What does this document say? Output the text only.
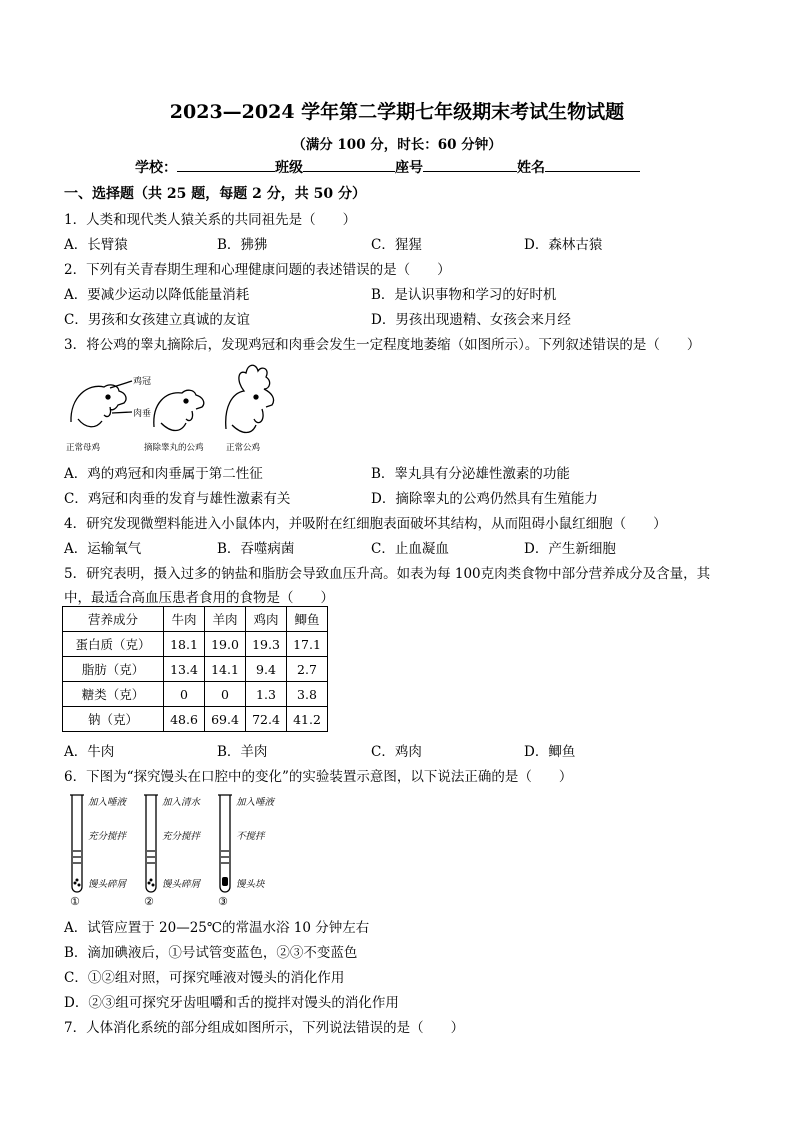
2023—2024 学年第二学期七年级期末考试生物试题
（满分 100 分，时长：60 分钟）
学校：	班级	座号	姓名
一、选择题（共 25 题，每题 2 分，共 50 分）
1．人类和现代类人猿关系的共同祖先是（　　）
A．长臂猿	B．狒狒	C．猩猩	D．森林古猿
2．下列有关青春期生理和心理健康问题的表述错误的是（　　）
A．要减少运动以降低能量消耗	B．是认识事物和学习的好时机
C．男孩和女孩建立真诚的友谊	D．男孩出现遗精、女孩会来月经
3．将公鸡的睾丸摘除后，发现鸡冠和肉垂会发生一定程度地萎缩（如图所示）。下列叙述错误的是（　　）
鸡冠
肉垂
正常母鸡	摘除睾丸的公鸡	正常公鸡
A．鸡的鸡冠和肉垂属于第二性征	B．睾丸具有分泌雄性激素的功能
C．鸡冠和肉垂的发育与雄性激素有关	D．摘除睾丸的公鸡仍然具有生殖能力
4．研究发现微塑料能进入小鼠体内，并吸附在红细胞表面破坏其结构，从而阻碍小鼠红细胞（　　）
A．运输氧气	B．吞噬病菌	C．止血凝血	D．产生新细胞
5．研究表明，摄入过多的钠盐和脂肪会导致血压升高。如表为每 100克肉类食物中部分营养成分及含量，其
中，最适合高血压患者食用的食物是（　　）
营养成分	牛肉	羊肉	鸡肉	鲫鱼
蛋白质（克）	18.1	19.0	19.3	17.1
脂肪（克）	13.4	14.1	9.4	2.7
糖类（克）	0	0	1.3	3.8
钠（克）	48.6	69.4	72.4	41.2
A．牛肉	B．羊肉	C．鸡肉	D．鲫鱼
6．下图为“探究馒头在口腔中的变化”的实验装置示意图，以下说法正确的是（　　）
加入唾液
充分搅拌
馒头碎屑
加入清水
充分搅拌
馒头碎屑
加入唾液
不搅拌
馒头块
①	②	③
A．试管应置于 20—25℃的常温水浴 10 分钟左右
B．滴加碘液后，①号试管变蓝色，②③不变蓝色
C．①②组对照，可探究唾液对馒头的消化作用
D．②③组可探究牙齿咀嚼和舌的搅拌对馒头的消化作用
7．人体消化系统的部分组成如图所示，下列说法错误的是（　　）
